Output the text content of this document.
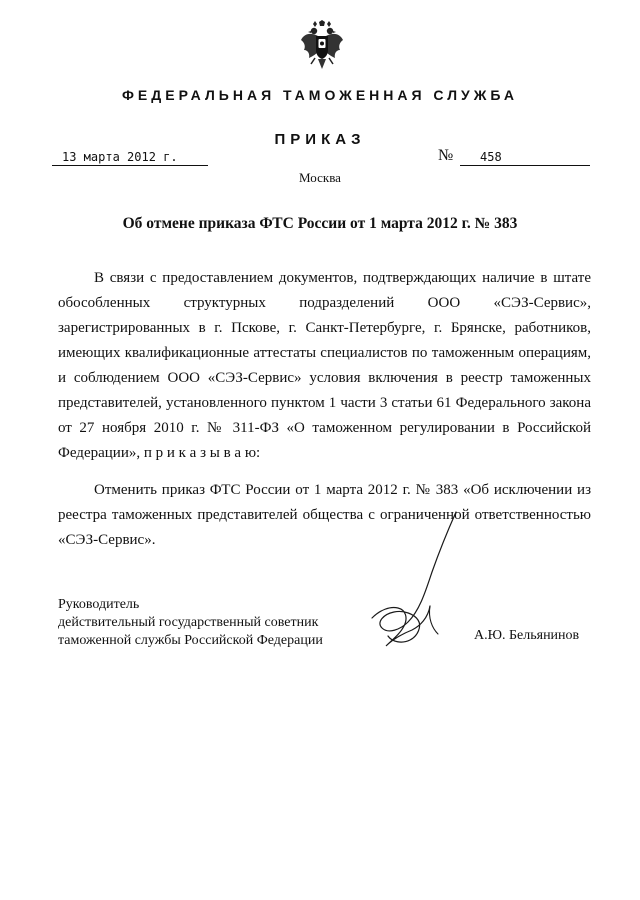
ФЕДЕРАЛЬНАЯ ТАМОЖЕННАЯ СЛУЖБА
ПРИКАЗ
13 марта 2012 г.	№	458
Москва
Об отмене приказа ФТС России от 1 марта 2012 г. № 383

В связи с предоставлением документов, подтверждающих наличие в штате обособленных структурных подразделений ООО «СЭЗ-Сервис», зарегистрированных в г. Пскове, г. Санкт-Петербурге, г. Брянске, работников, имеющих квалификационные аттестаты специалистов по таможенным операциям, и соблюдением ООО «СЭЗ-Сервис» условия включения в реестр таможенных представителей, установленного пунктом 1 части 3 статьи 61 Федерального закона от 27 ноября 2010 г. № 311-ФЗ «О таможенном регулировании в Российской Федерации», п р и к а з ы в а ю:

Отменить приказ ФТС России от 1 марта 2012 г. № 383 «Об исключении из реестра таможенных представителей общества с ограниченной ответственностью «СЭЗ-Сервис».

Руководитель
действительный государственный советник
таможенной службы Российской Федерации	А.Ю. Бельянинов
